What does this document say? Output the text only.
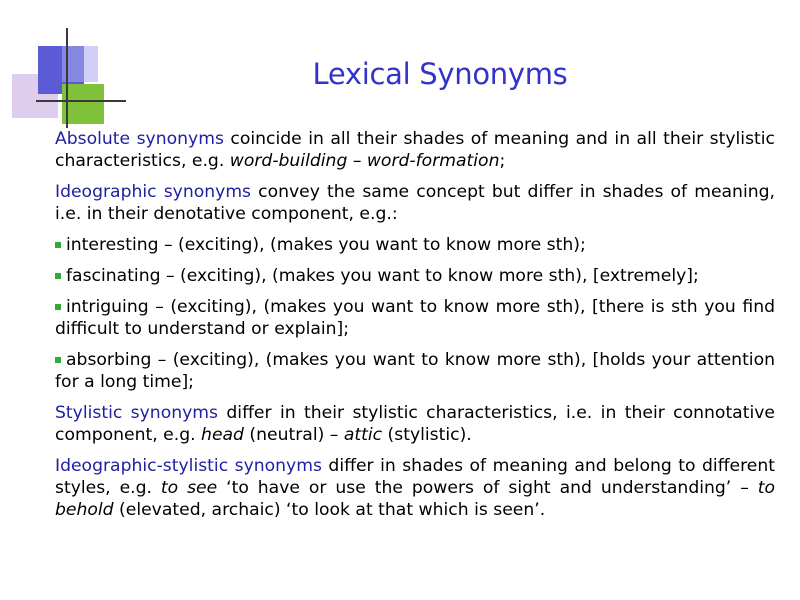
Lexical Synonyms

Absolute synonyms coincide in all their shades of meaning and in all their stylistic characteristics, e.g. word-building – word-formation;

Ideographic synonyms convey the same concept but differ in shades of meaning, i.e. in their denotative component, e.g.:

interesting – (exciting), (makes you want to know more sth);

fascinating – (exciting), (makes you want to know more sth), [extremely];

intriguing – (exciting), (makes you want to know more sth), [there is sth you find difficult to understand or explain];

absorbing – (exciting), (makes you want to know more sth), [holds your attention for a long time];

Stylistic synonyms differ in their stylistic characteristics, i.e. in their connotative component, e.g. head (neutral) – attic (stylistic).

Ideographic-stylistic synonyms differ in shades of meaning and belong to different styles, e.g. to see ‘to have or use the powers of sight and understanding’ – to behold (elevated, archaic) ‘to look at that which is seen’.
